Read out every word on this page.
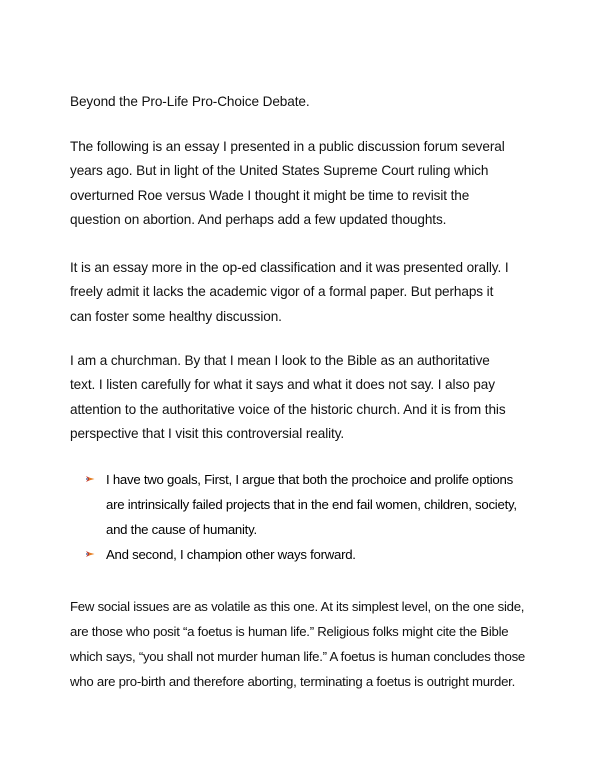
Beyond the Pro-Life Pro-Choice Debate.

The following is an essay I presented in a public discussion forum several
years ago. But in light of the United States Supreme Court ruling which
overturned Roe versus Wade I thought it might be time to revisit the
question on abortion. And perhaps add a few updated thoughts.

It is an essay more in the op-ed classification and it was presented orally. I
freely admit it lacks the academic vigor of a formal paper. But perhaps it
can foster some healthy discussion.

I am a churchman. By that I mean I look to the Bible as an authoritative
text. I listen carefully for what it says and what it does not say. I also pay
attention to the authoritative voice of the historic church. And it is from this
perspective that I visit this controversial reality.

I have two goals, First, I argue that both the prochoice and prolife options
are intrinsically failed projects that in the end fail women, children, society,
and the cause of humanity.
And second, I champion other ways forward.

Few social issues are as volatile as this one. At its simplest level, on the one side,
are those who posit “a foetus is human life.” Religious folks might cite the Bible
which says, “you shall not murder human life.” A foetus is human concludes those
who are pro-birth and therefore aborting, terminating a foetus is outright murder.
